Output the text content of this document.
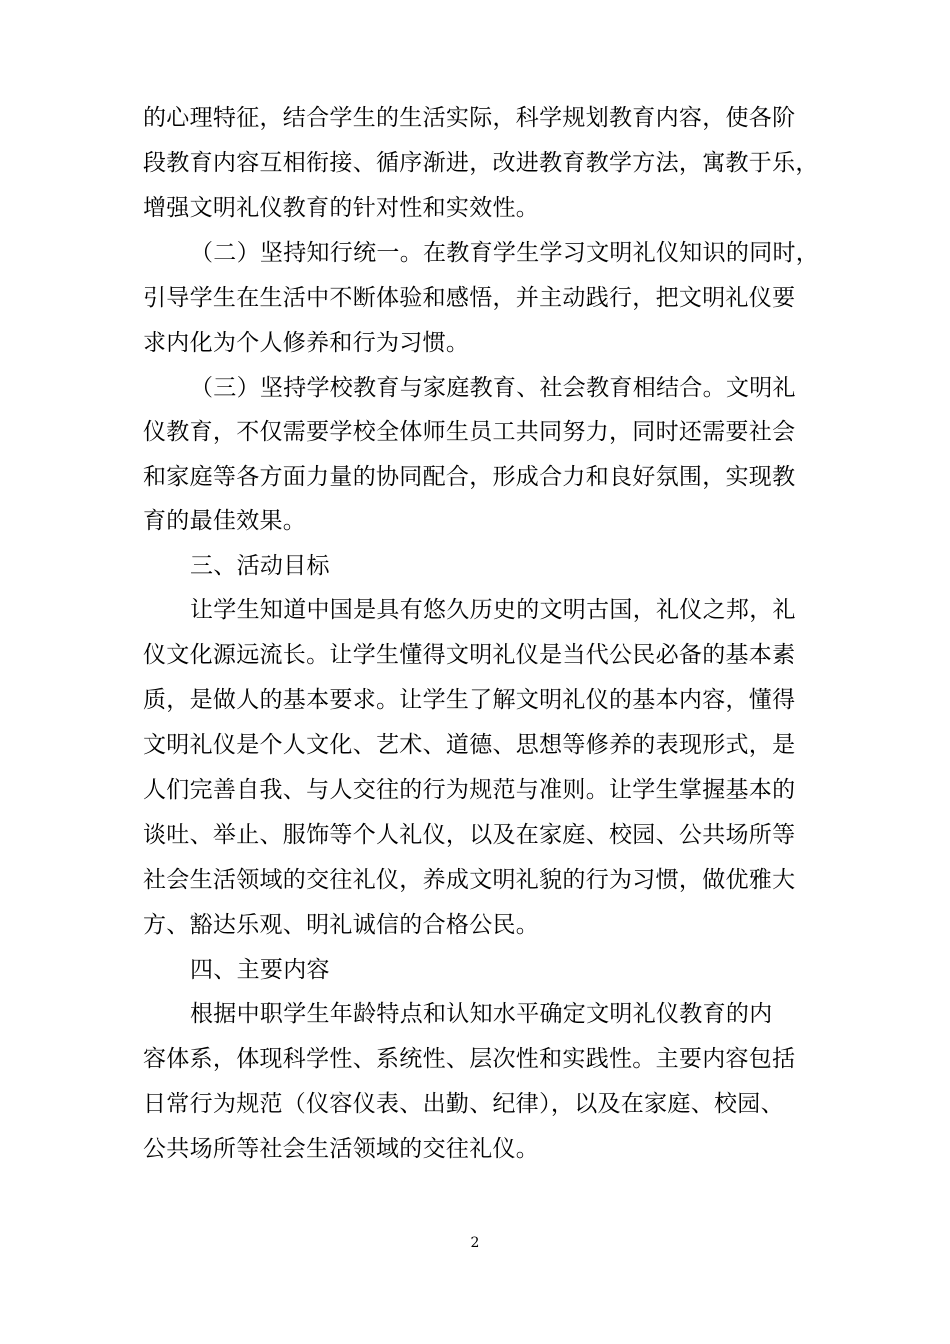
的心理特征，结合学生的生活实际，科学规划教育内容，使各阶
段教育内容互相衔接、循序渐进，改进教育教学方法，寓教于乐，
增强文明礼仪教育的针对性和实效性。
（二）坚持知行统一。在教育学生学习文明礼仪知识的同时，
引导学生在生活中不断体验和感悟，并主动践行，把文明礼仪要
求内化为个人修养和行为习惯。
（三）坚持学校教育与家庭教育、社会教育相结合。文明礼
仪教育，不仅需要学校全体师生员工共同努力，同时还需要社会
和家庭等各方面力量的协同配合，形成合力和良好氛围，实现教
育的最佳效果。
三、活动目标
让学生知道中国是具有悠久历史的文明古国，礼仪之邦，礼
仪文化源远流长。让学生懂得文明礼仪是当代公民必备的基本素
质，是做人的基本要求。让学生了解文明礼仪的基本内容，懂得
文明礼仪是个人文化、艺术、道德、思想等修养的表现形式，是
人们完善自我、与人交往的行为规范与准则。让学生掌握基本的
谈吐、举止、服饰等个人礼仪，以及在家庭、校园、公共场所等
社会生活领域的交往礼仪，养成文明礼貌的行为习惯，做优雅大
方、豁达乐观、明礼诚信的合格公民。
四、主要内容
根据中职学生年龄特点和认知水平确定文明礼仪教育的内
容体系，体现科学性、系统性、层次性和实践性。主要内容包括
日常行为规范（仪容仪表、出勤、纪律），以及在家庭、校园、
公共场所等社会生活领域的交往礼仪。
2
